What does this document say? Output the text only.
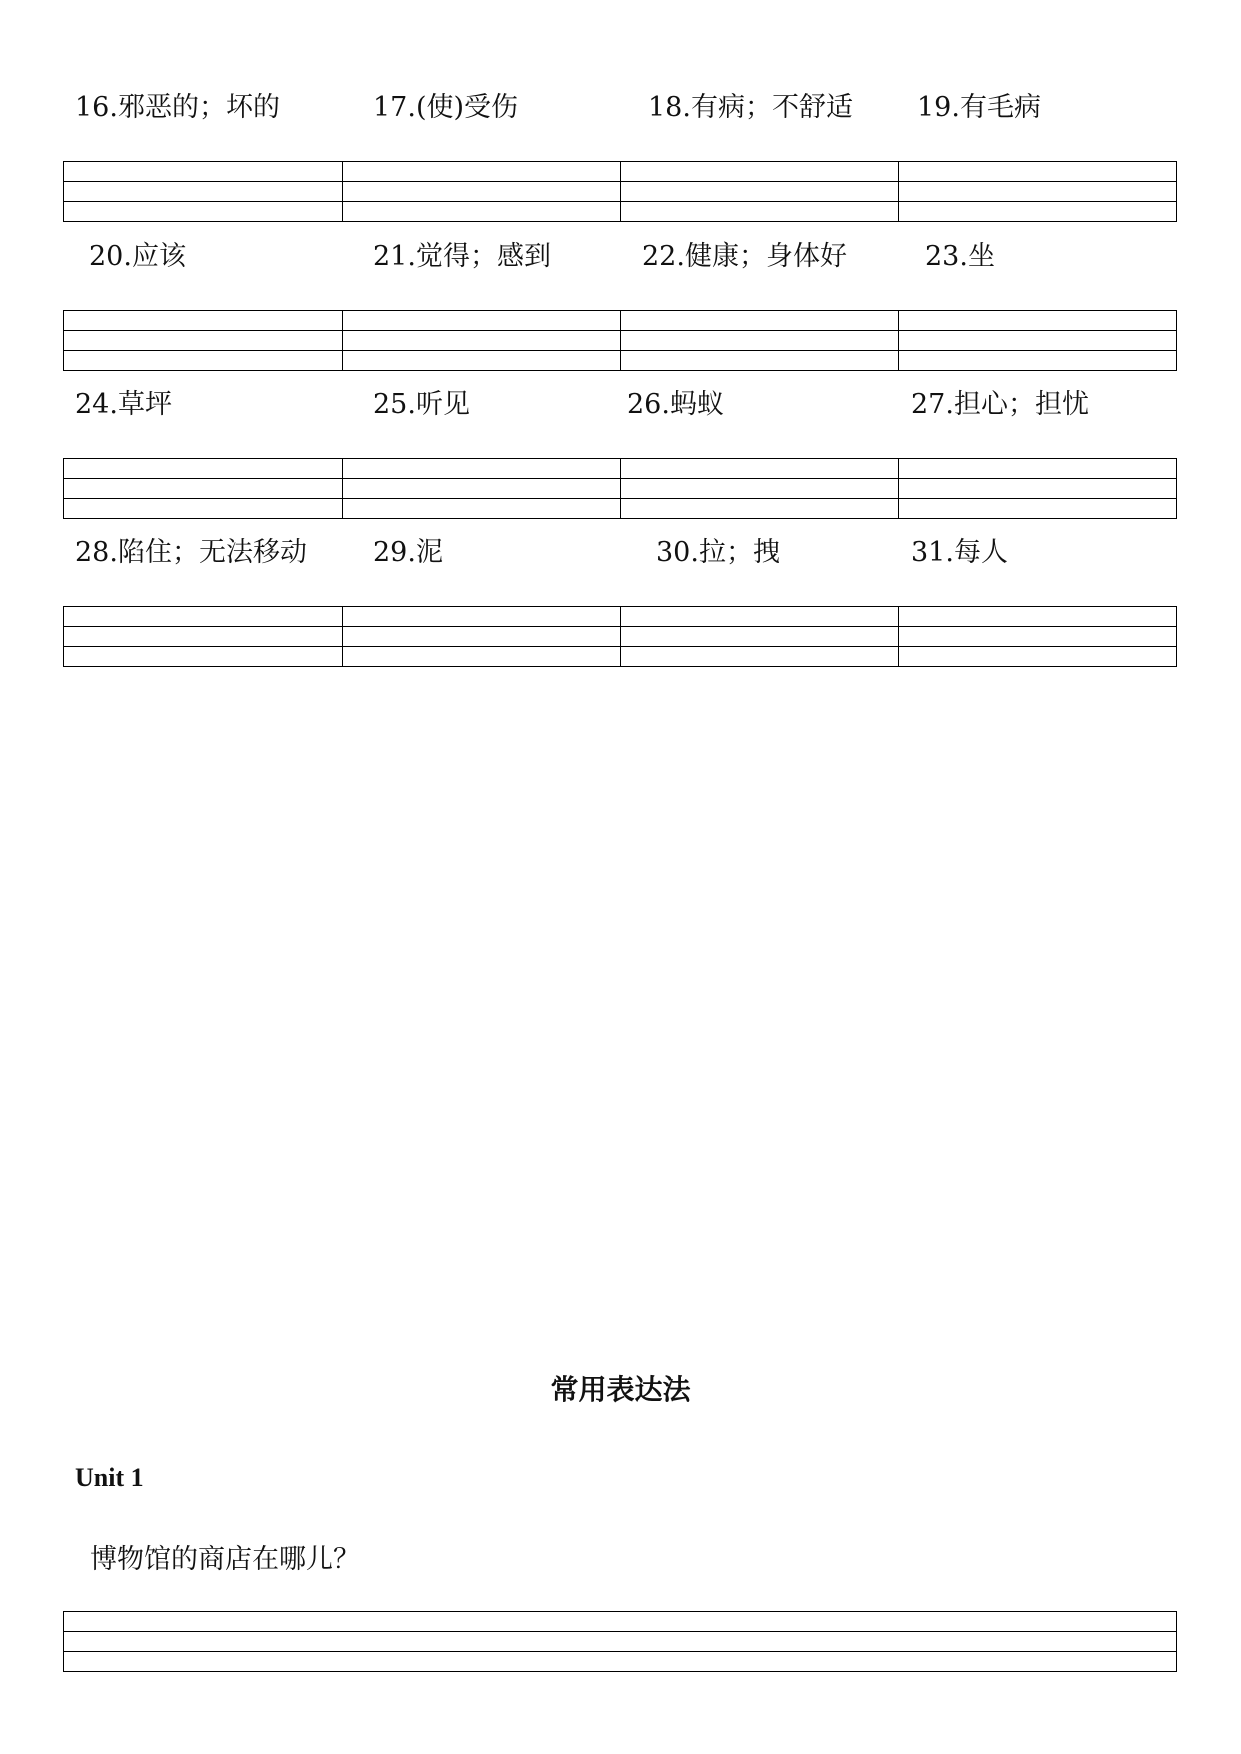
16.邪恶的；坏的	17.(使)受伤	18.有病；不舒适 19.有毛病
20.应该	21.觉得；感到	22.健康；身体好	23.坐
24.草坪	25.听见	26.蚂蚁	27.担心；担忧
28.陷住；无法移动 29.泥	30.拉；拽	31.每人
常用表达法
Unit 1
博物馆的商店在哪儿？
